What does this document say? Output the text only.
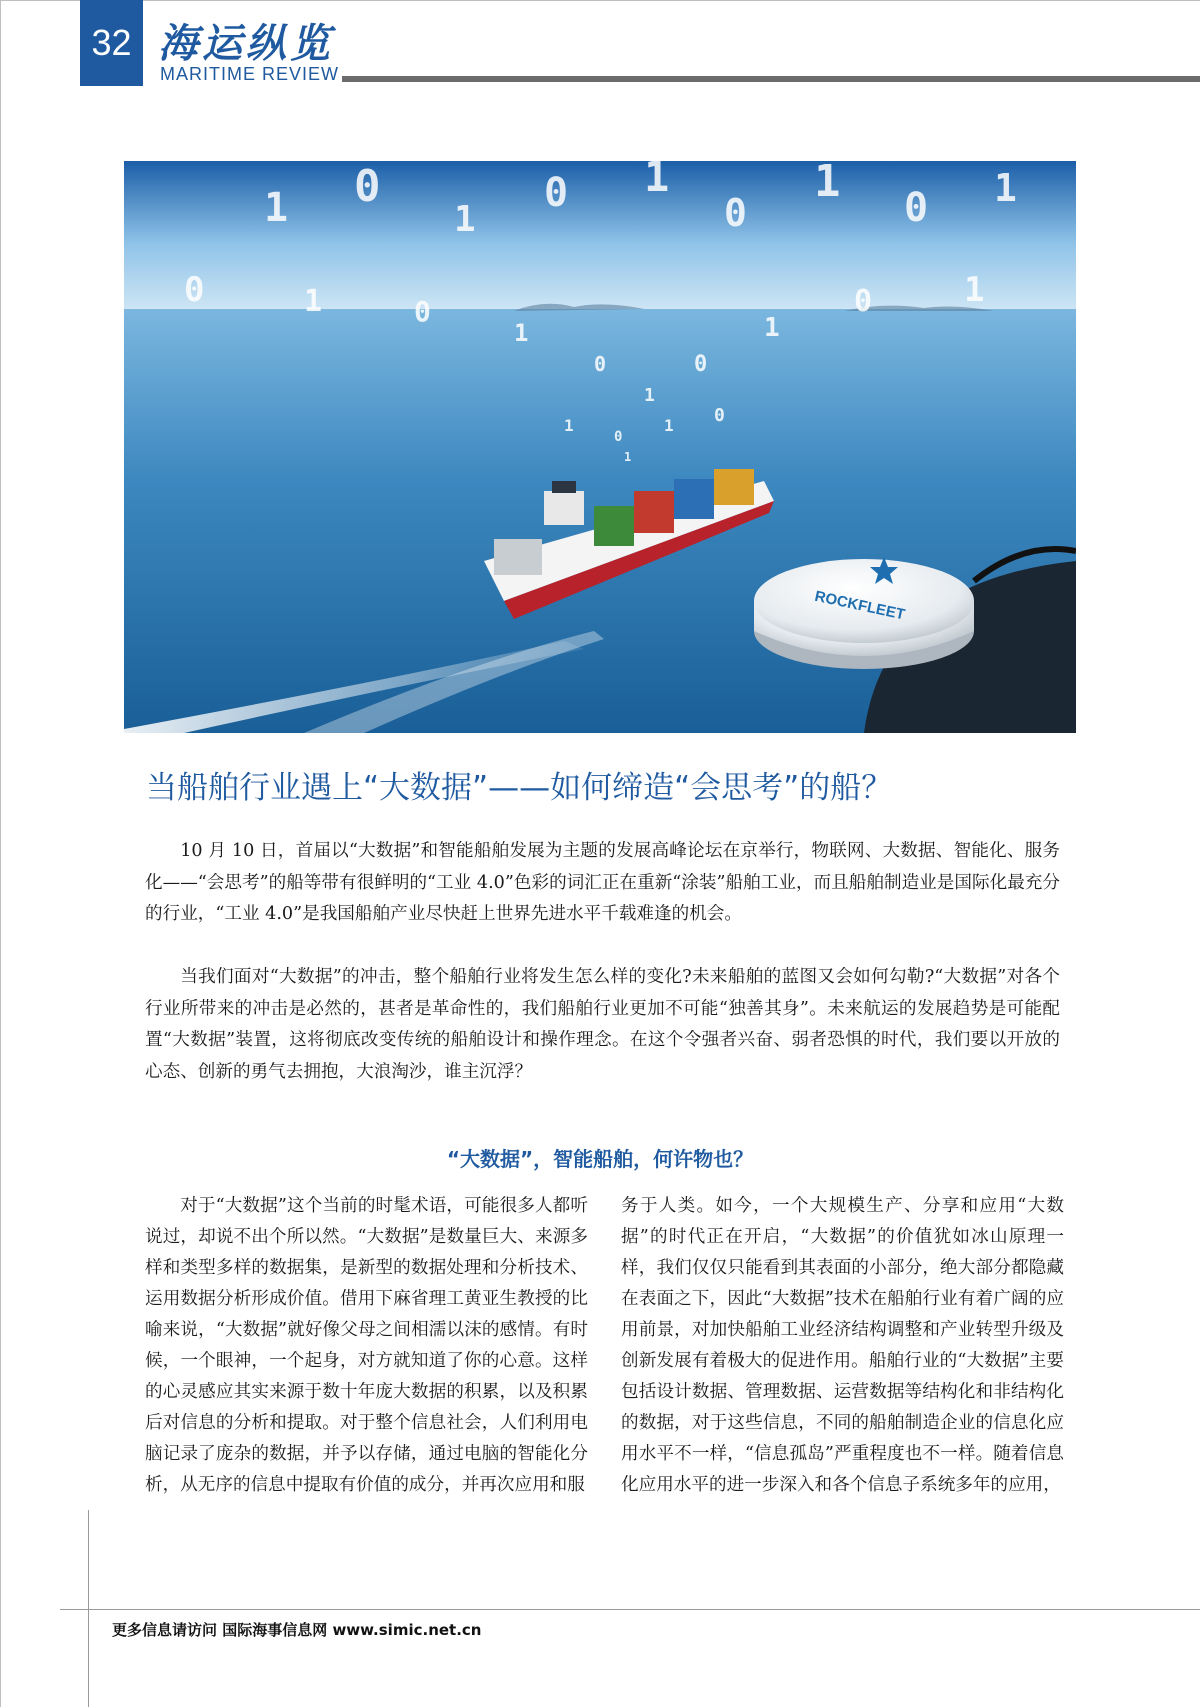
32 海运纵览
MARITIME REVIEW
1 0
1
0 1
0
1
0 1
0	1	0
1
0
1
0
1
0	1
1
0
1 0
1
ROCKFLEET
当船舶行业遇上“大数据”——如何缔造“会思考”的船？

10 月 10 日，首届以“大数据”和智能船舶发展为主题的发展高峰论坛在京举行，物联网、大数据、智能化、服务化——“会思考”的船等带有很鲜明的“工业 4.0”色彩的词汇正在重新“涂装”船舶工业，而且船舶制造业是国际化最充分的行业，“工业 4.0”是我国船舶产业尽快赶上世界先进水平千载难逢的机会。

当我们面对“大数据”的冲击，整个船舶行业将发生怎么样的变化?未来船舶的蓝图又会如何勾勒?“大数据”对各个行业所带来的冲击是必然的，甚者是革命性的，我们船舶行业更加不可能“独善其身”。未来航运的发展趋势是可能配置“大数据”装置，这将彻底改变传统的船舶设计和操作理念。在这个令强者兴奋、弱者恐惧的时代，我们要以开放的心态、创新的勇气去拥抱，大浪淘沙，谁主沉浮？

“大数据”，智能船舶，何许物也？

对于“大数据”这个当前的时髦术语，可能很多人都听说过，却说不出个所以然。“大数据”是数量巨大、来源多样和类型多样的数据集，是新型的数据处理和分析技术、运用数据分析形成价值。借用下麻省理工黄亚生教授的比喻来说，“大数据”就好像父母之间相濡以沫的感情。有时候，一个眼神，一个起身，对方就知道了你的心意。这样的心灵感应其实来源于数十年庞大数据的积累，以及积累后对信息的分析和提取。对于整个信息社会，人们利用电脑记录了庞杂的数据，并予以存储，通过电脑的智能化分析，从无序的信息中提取有价值的成分，并再次应用和服

务于人类。如今，一个大规模生产、分享和应用“大数据”的时代正在开启，“大数据”的价值犹如冰山原理一样，我们仅仅只能看到其表面的小部分，绝大部分都隐藏在表面之下，因此“大数据”技术在船舶行业有着广阔的应用前景，对加快船舶工业经济结构调整和产业转型升级及创新发展有着极大的促进作用。船舶行业的“大数据”主要包括设计数据、管理数据、运营数据等结构化和非结构化的数据，对于这些信息，不同的船舶制造企业的信息化应用水平不一样，“信息孤岛”严重程度也不一样。随着信息化应用水平的进一步深入和各个信息子系统多年的应用，

更多信息请访问 国际海事信息网 www.simic.net.cn
